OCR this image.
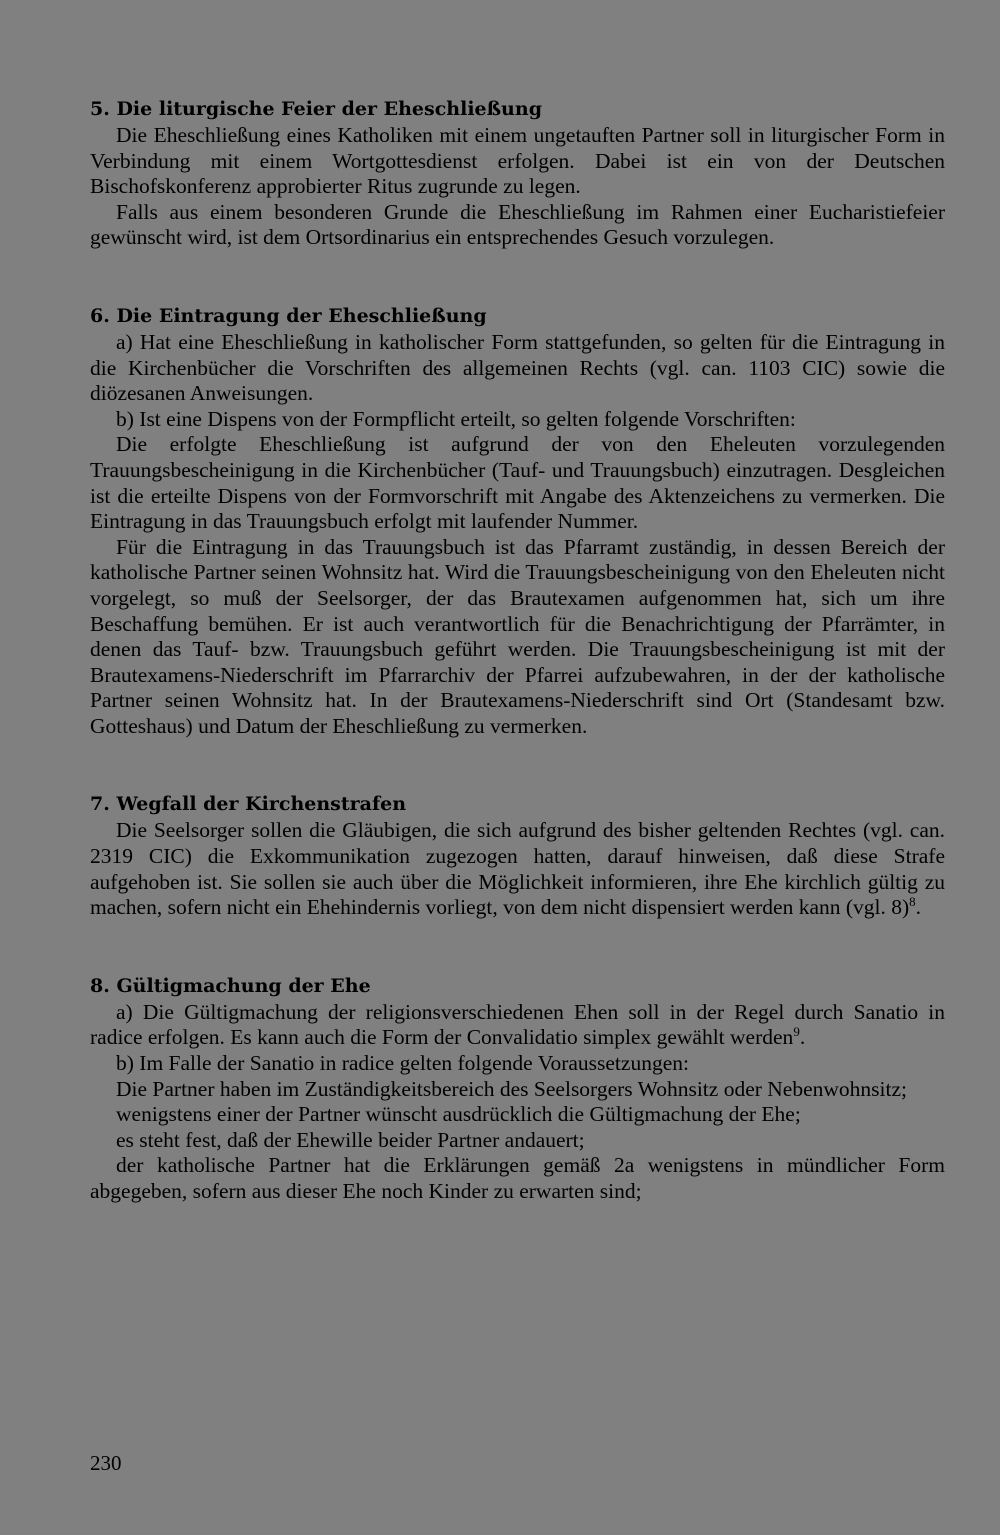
5. Die liturgische Feier der Eheschließung

Die Eheschließung eines Katholiken mit einem ungetauften Partner soll in liturgischer Form in Verbindung mit einem Wortgottesdienst erfolgen. Dabei ist ein von der Deutschen Bischofskonferenz approbierter Ritus zugrunde zu legen.

Falls aus einem besonderen Grunde die Eheschließung im Rahmen einer Eucharistiefeier gewünscht wird, ist dem Ortsordinarius ein entsprechendes Gesuch vorzulegen.

6. Die Eintragung der Eheschließung

a) Hat eine Eheschließung in katholischer Form stattgefunden, so gelten für die Eintragung in die Kirchenbücher die Vorschriften des allgemeinen Rechts (vgl. can. 1103 CIC) sowie die diözesanen Anweisungen.

b) Ist eine Dispens von der Formpflicht erteilt, so gelten folgende Vorschriften:

Die erfolgte Eheschließung ist aufgrund der von den Eheleuten vorzulegenden Trauungsbescheinigung in die Kirchenbücher (Tauf- und Trauungsbuch) einzutragen. Desgleichen ist die erteilte Dispens von der Formvorschrift mit Angabe des Aktenzeichens zu vermerken. Die Eintragung in das Trauungsbuch erfolgt mit laufender Nummer.

Für die Eintragung in das Trauungsbuch ist das Pfarramt zuständig, in dessen Bereich der katholische Partner seinen Wohnsitz hat. Wird die Trauungsbescheinigung von den Eheleuten nicht vorgelegt, so muß der Seelsorger, der das Brautexamen aufgenommen hat, sich um ihre Beschaffung bemühen. Er ist auch verantwortlich für die Benachrichtigung der Pfarrämter, in denen das Tauf- bzw. Trauungsbuch geführt werden. Die Trauungsbescheinigung ist mit der Brautexamens-Niederschrift im Pfarrarchiv der Pfarrei aufzubewahren, in der der katholische Partner seinen Wohnsitz hat. In der Brautexamens-Niederschrift sind Ort (Standesamt bzw. Gotteshaus) und Datum der Eheschließung zu vermerken.

7. Wegfall der Kirchenstrafen

Die Seelsorger sollen die Gläubigen, die sich aufgrund des bisher geltenden Rechtes (vgl. can. 2319 CIC) die Exkommunikation zugezogen hatten, darauf hinweisen, daß diese Strafe aufgehoben ist. Sie sollen sie auch über die Möglichkeit informieren, ihre Ehe kirchlich gültig zu machen, sofern nicht ein Ehehindernis vorliegt, von dem nicht dispensiert werden kann (vgl. 8)$^8$.

8. Gültigmachung der Ehe

a) Die Gültigmachung der religionsverschiedenen Ehen soll in der Regel durch Sanatio in radice erfolgen. Es kann auch die Form der Convalidatio simplex gewählt werden$^9$.

b) Im Falle der Sanatio in radice gelten folgende Voraussetzungen:

Die Partner haben im Zuständigkeitsbereich des Seelsorgers Wohnsitz oder Nebenwohnsitz;

wenigstens einer der Partner wünscht ausdrücklich die Gültigmachung der Ehe;

es steht fest, daß der Ehewille beider Partner andauert;

der katholische Partner hat die Erklärungen gemäß 2a wenigstens in mündlicher Form abgegeben, sofern aus dieser Ehe noch Kinder zu erwarten sind;

230
